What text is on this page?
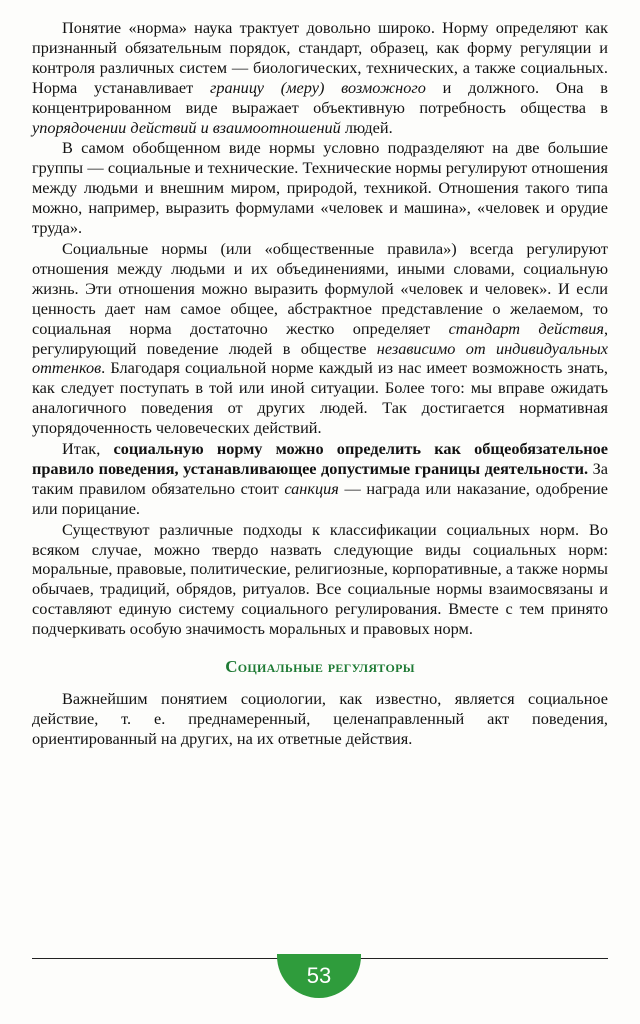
Понятие «норма» наука трактует довольно широко. Норму определяют как признанный обязательным порядок, стандарт, образец, как форму регуляции и контроля различных систем — биологических, технических, а также социальных. Норма устанавливает границу (меру) возможного и должного. Она в концентрированном виде выражает объективную потребность общества в упорядочении действий и взаимоотношений людей.

В самом обобщенном виде нормы условно подразделяют на две большие группы — социальные и технические. Технические нормы регулируют отношения между людьми и внешним миром, природой, техникой. Отношения такого типа можно, например, выразить формулами «человек и машина», «человек и орудие труда».

Социальные нормы (или «общественные правила») всегда регулируют отношения между людьми и их объединениями, иными словами, социальную жизнь. Эти отношения можно выразить формулой «человек и человек». И если ценность дает нам самое общее, абстрактное представление о желаемом, то социальная норма достаточно жестко определяет стандарт действия, регулирующий поведение людей в обществе независимо от индивидуальных оттенков. Благодаря социальной норме каждый из нас имеет возможность знать, как следует поступать в той или иной ситуации. Более того: мы вправе ожидать аналогичного поведения от других людей. Так достигается нормативная упорядоченность человеческих действий.

Итак, социальную норму можно определить как общеобязательное правило поведения, устанавливающее допустимые границы деятельности. За таким правилом обязательно стоит санкция — награда или наказание, одобрение или порицание.

Существуют различные подходы к классификации социальных норм. Во всяком случае, можно твердо назвать следующие виды социальных норм: моральные, правовые, политические, религиозные, корпоративные, а также нормы обычаев, традиций, обрядов, ритуалов. Все социальные нормы взаимосвязаны и составляют единую систему социального регулирования. Вместе с тем принято подчеркивать особую значимость моральных и правовых норм.

Социальные регуляторы

Важнейшим понятием социологии, как известно, является социальное действие, т. е. преднамеренный, целенаправленный акт поведения, ориентированный на других, на их ответные действия.

53
